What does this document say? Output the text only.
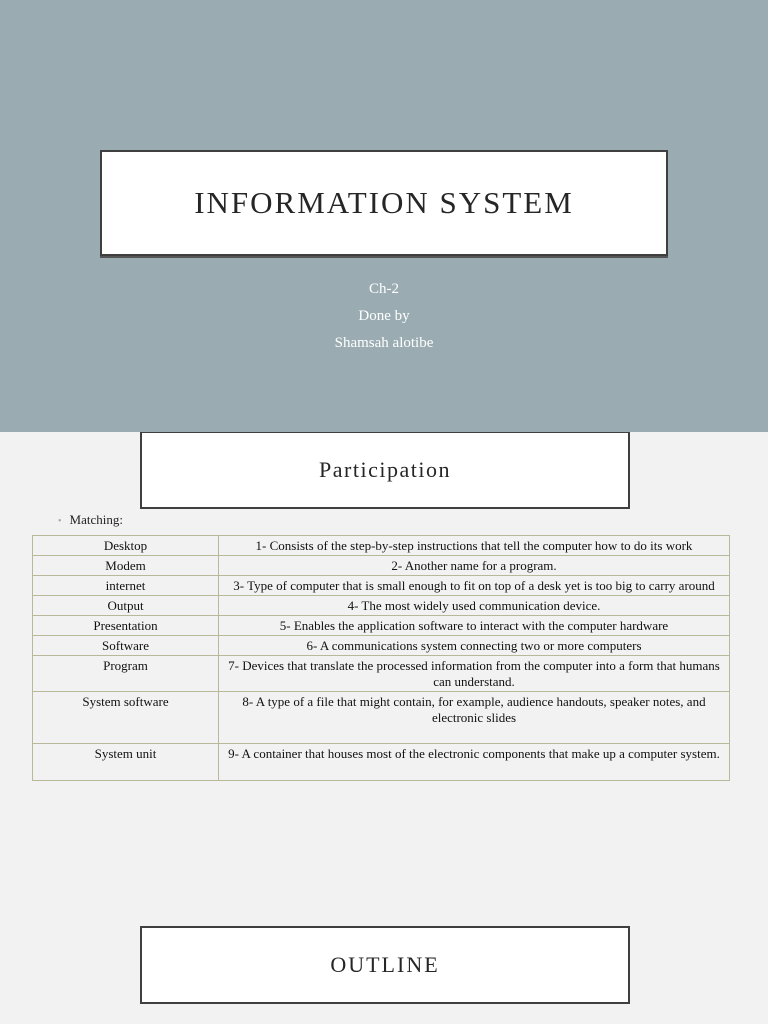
INFORMATION SYSTEM
Ch-2
Done by
Shamsah alotibe
Participation
• Matching:
Desktop	1- Consists of the step-by-step instructions that tell the computer how to do its work
Modem	2- Another name for a program.
internet	3- Type of computer that is small enough to fit on top of a desk yet is too big to carry around
Output	4- The most widely used communication device.
Presentation	5- Enables the application software to interact with the computer hardware
Software	6- A communications system connecting two or more computers
Program	7- Devices that translate the processed information from the computer into a form that humans can understand.
System software	8- A type of a file that might contain, for example, audience handouts, speaker notes, and electronic slides
System unit	9- A container that houses most of the electronic components that make up a computer system.
OUTLINE
